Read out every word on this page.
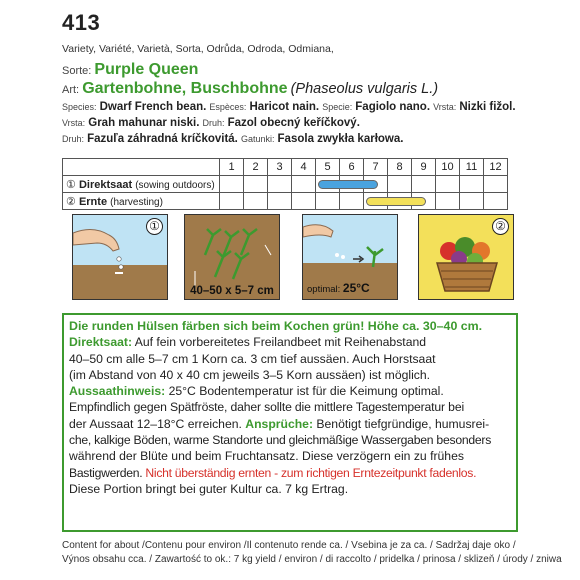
413
Variety, Variété, Varietà, Sorta, Odrůda, Odroda, Odmiana,
Sorte: Purple Queen
Art: Gartenbohne, Buschbohne (Phaseolus vulgaris L.)
Species: Dwarf French bean. Espèces: Haricot nain. Specie: Fagiolo nano. Vrsta: Nizki fižol.
Vrsta: Grah mahunar niski. Druh: Fazol obecný keříčkový.
Druh: Fazuľa záhradná kríčkovitá. Gatunki: Fasola zwykła karłowa.
	1	2	3	4	5	6	7	8	9	10	11	12
① Direktsaat (sowing outdoors)					

② Ernte (harvesting)							

①
40–50 x 5–7 cm	optimal: 25°C
②
Die runden Hülsen färben sich beim Kochen grün! Höhe ca. 30–40 cm.
Direktsaat: Auf fein vorbereitetes Freilandbeet mit Reihenabstand
40–50 cm alle 5–7 cm 1 Korn ca. 3 cm tief aussäen. Auch Horstsaat
(im Abstand von 40 x 40 cm jeweils 3–5 Korn aussäen) ist möglich.
Aussaathinweis: 25°C Bodentemperatur ist für die Keimung optimal.
Empfindlich gegen Spätfröste, daher sollte die mittlere Tagestemperatur bei
der Aussaat 12–18°C erreichen. Ansprüche: Benötigt tiefgründige, humusrei-
che, kalkige Böden, warme Standorte und gleichmäßige Wassergaben besonders
während der Blüte und beim Fruchtansatz. Diese verzögern ein zu frühes
Bastigwerden. Nicht überständig ernten - zum richtigen Erntezeitpunkt fadenlos.
Diese Portion bringt bei guter Kultur ca. 7 kg Ertrag.
Content for about /Contenu pour environ /Il contenuto rende ca. / Vsebina je za ca. / Sadržaj daje oko /
Výnos obsahu cca. / Zawartość to ok.: 7 kg yield / environ / di raccolto / pridelka / prinosa / sklizeň / úrody / zniwa
